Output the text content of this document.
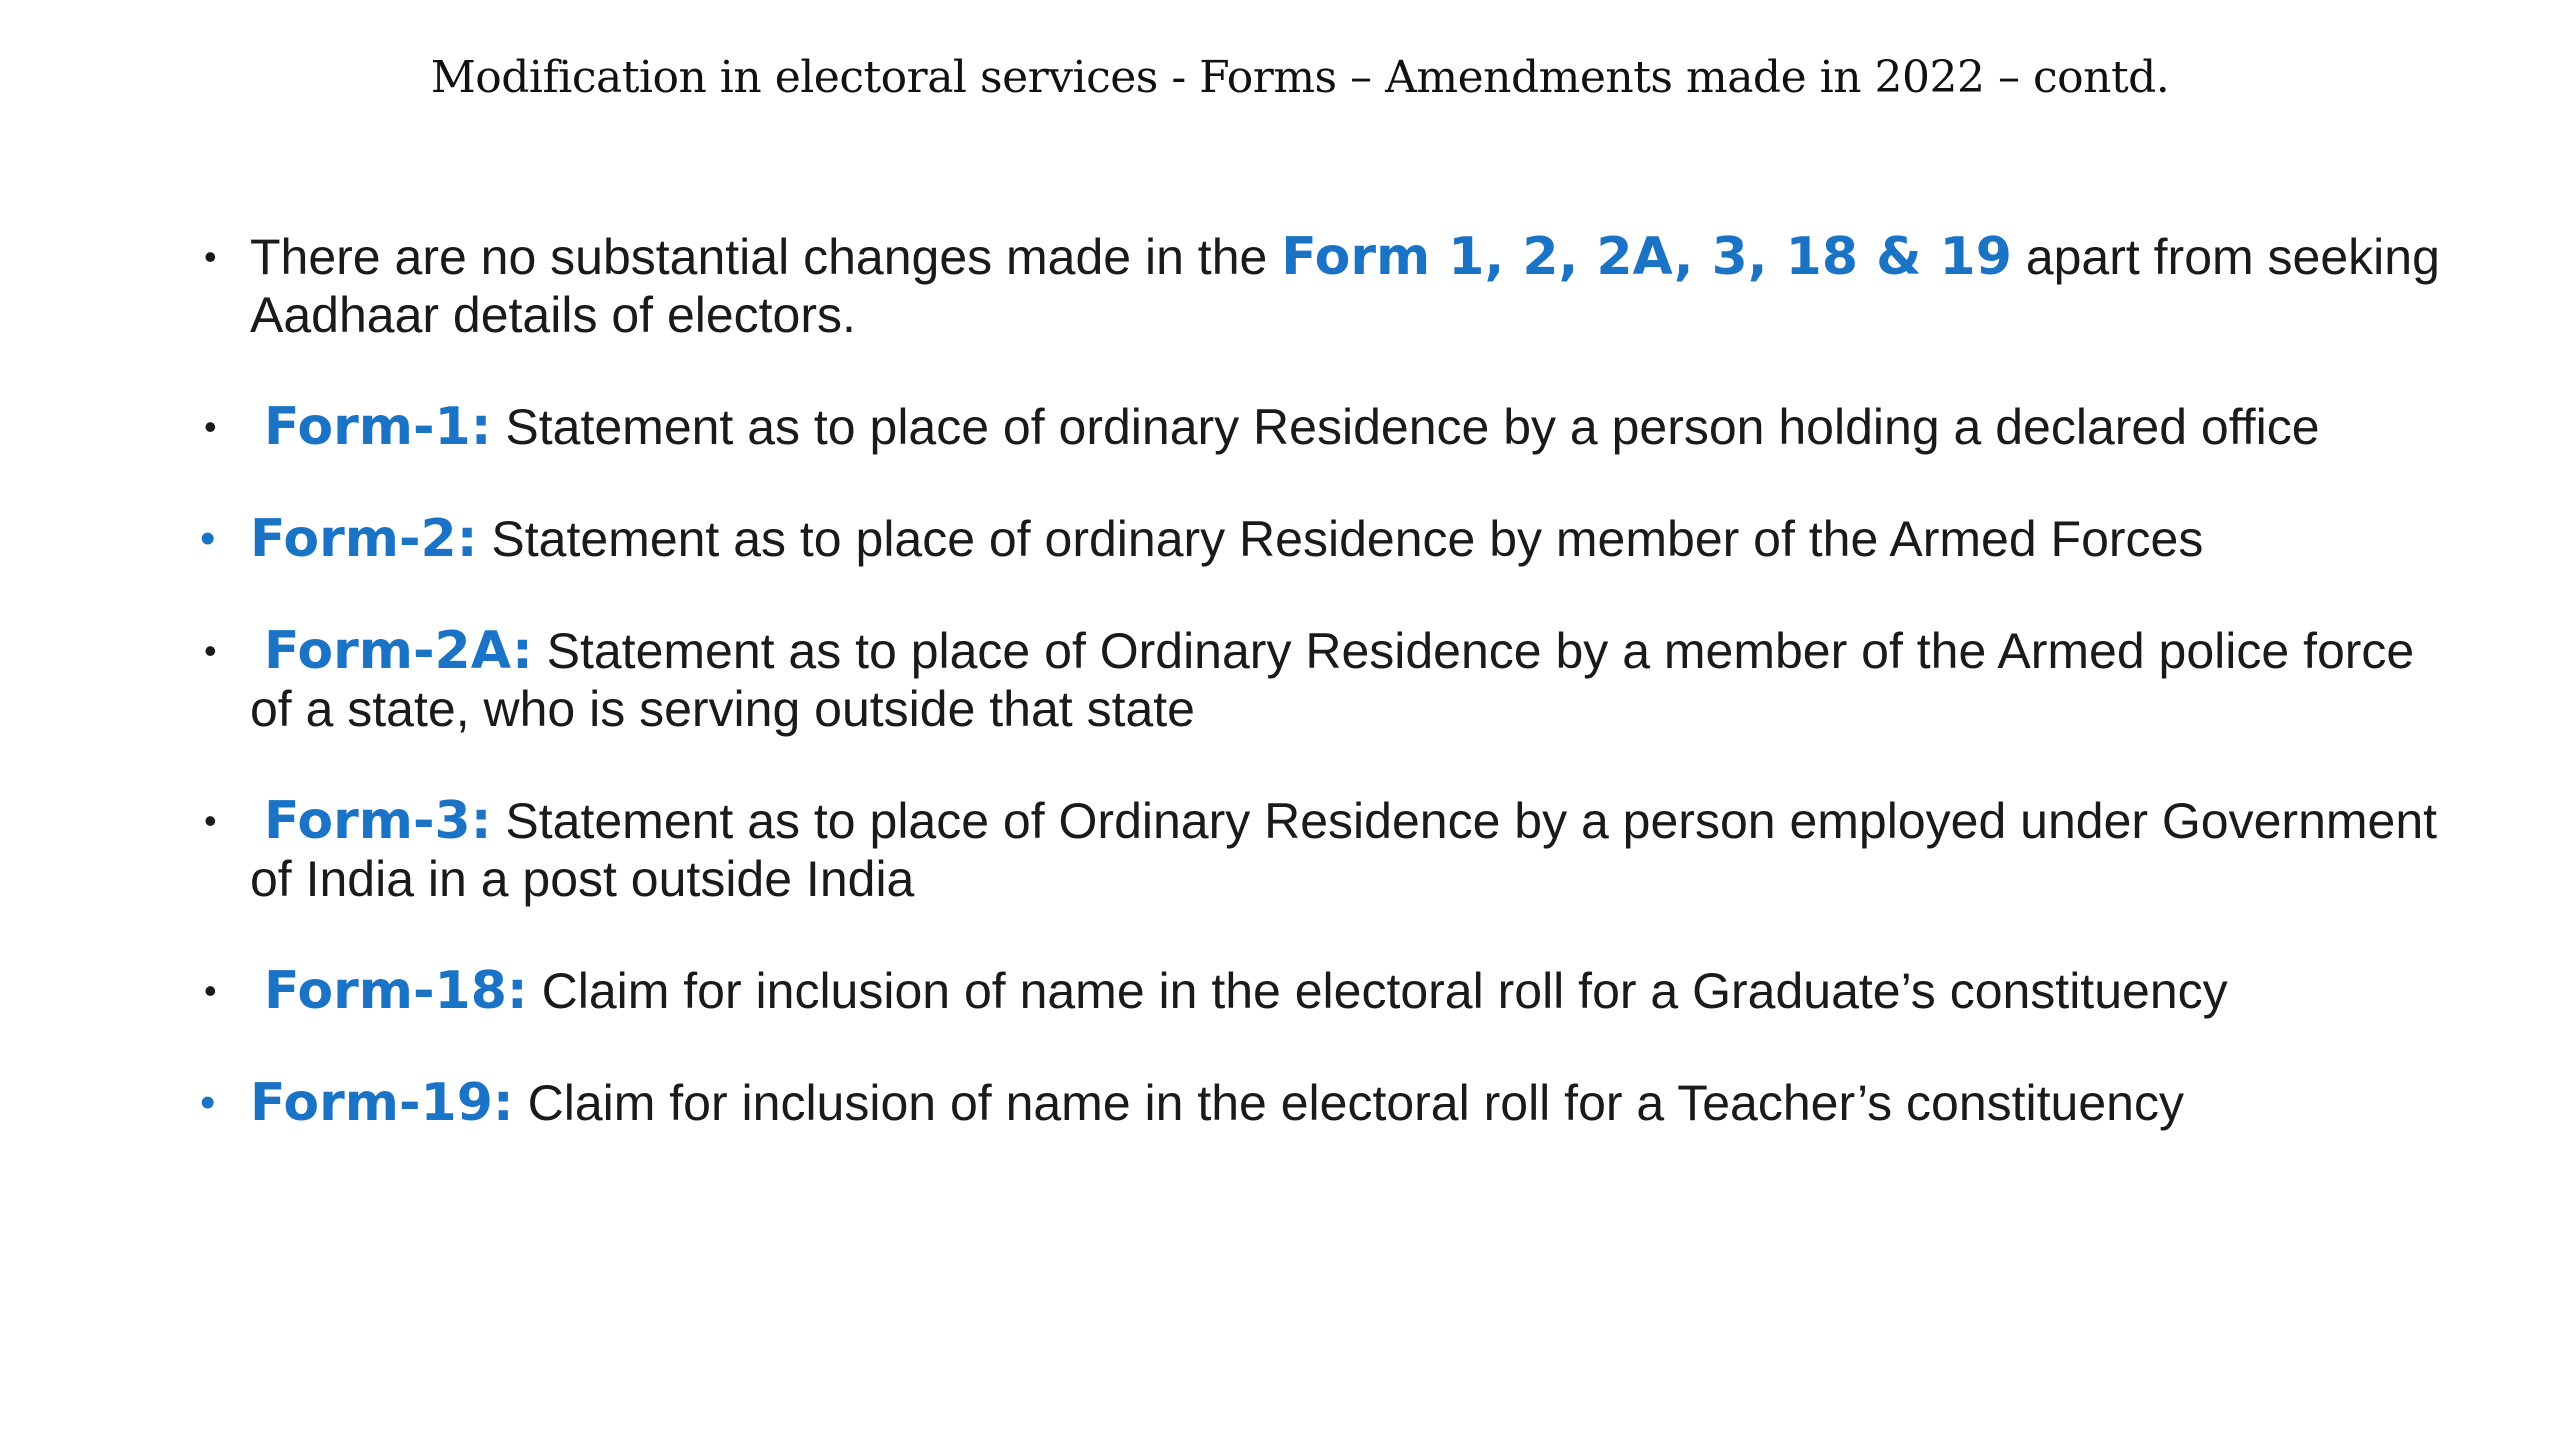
Modification in electoral services - Forms – Amendments made in 2022 – contd.
• There are no substantial changes made in the Form 1, 2, 2A, 3, 18 & 19 apart from seeking Aadhaar details of electors.
• Form-1: Statement as to place of ordinary Residence by a person holding a declared office
• Form-2: Statement as to place of ordinary Residence by member of the Armed Forces
• Form-2A: Statement as to place of Ordinary Residence by a member of the Armed police force of a state, who is serving outside that state
• Form-3: Statement as to place of Ordinary Residence by a person employed under Government of India in a post outside India
• Form-18: Claim for inclusion of name in the electoral roll for a Graduate’s constituency
• Form-19: Claim for inclusion of name in the electoral roll for a Teacher’s constituency
